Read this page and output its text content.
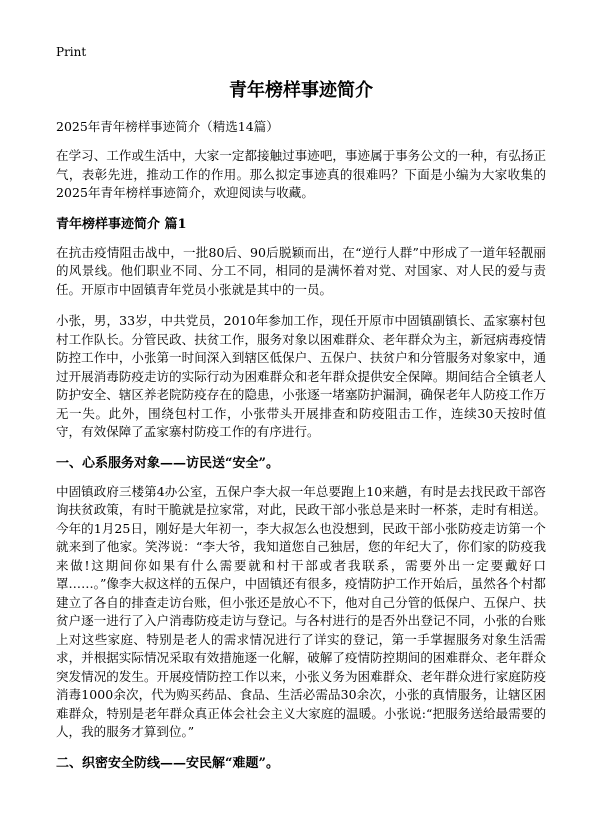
Print
青年榜样事迹简介
2025年青年榜样事迹简介（精选14篇）

在学习、工作或生活中，大家一定都接触过事迹吧，事迹属于事务公文的一种，有弘扬正气，表彰先进，推动工作的作用。那么拟定事迹真的很难吗？下面是小编为大家收集的2025年青年榜样事迹简介，欢迎阅读与收藏。

青年榜样事迹简介 篇1

在抗击疫情阻击战中，一批80后、90后脱颖而出，在“逆行人群”中形成了一道年轻靓丽的风景线。他们职业不同、分工不同，相同的是满怀着对党、对国家、对人民的爱与责任。开原市中固镇青年党员小张就是其中的一员。

小张，男，33岁，中共党员，2010年参加工作，现任开原市中固镇副镇长、孟家寨村包村工作队长。分管民政、扶贫工作，服务对象以困难群众、老年群众为主，新冠病毒疫情防控工作中，小张第一时间深入到辖区低保户、五保户、扶贫户和分管服务对象家中，通过开展消毒防疫走访的实际行动为困难群众和老年群众提供安全保障。期间结合全镇老人防护安全、辖区养老院防疫存在的隐患，小张逐一堵塞防护漏洞，确保老年人防疫工作万无一失。此外，围绕包村工作，小张带头开展排查和防疫阻击工作，连续30天按时值守，有效保障了孟家寨村防疫工作的有序进行。

一、心系服务对象——访民送“安全”。

中固镇政府三楼第4办公室，五保户李大叔一年总要跑上10来趟，有时是去找民政干部咨询扶贫政策，有时干脆就是拉家常，对此，民政干部小张总是来时一杯茶，走时有相送。今年的1月25日，刚好是大年初一，李大叔怎么也没想到，民政干部小张防疫走访第一个就来到了他家。笑涔说：“李大爷，我知道您自己独居，您的年纪大了，你们家的防疫我来做!这期间你如果有什么需要就和村干部或者我联系，需要外出一定要戴好口罩……。”像李大叔这样的五保户，中固镇还有很多，疫情防护工作开始后，虽然各个村都建立了各自的排查走访台账，但小张还是放心不下，他对自己分管的低保户、五保户、扶贫户逐一进行了入户消毒防疫走访与登记。与各村进行的是否外出登记不同，小张的台账上对这些家庭、特别是老人的需求情况进行了详实的登记，第一手掌握服务对象生活需求，并根据实际情况采取有效措施逐一化解，破解了疫情防控期间的困难群众、老年群众突发情况的发生。开展疫情防控工作以来，小张义务为困难群众、老年群众进行家庭防疫消毒1000余次，代为购买药品、食品、生活必需品30余次，小张的真情服务，让辖区困难群众，特别是老年群众真正体会社会主义大家庭的温暖。小张说:“把服务送给最需要的人，我的服务才算到位。”

二、织密安全防线——安民解“难题”。
